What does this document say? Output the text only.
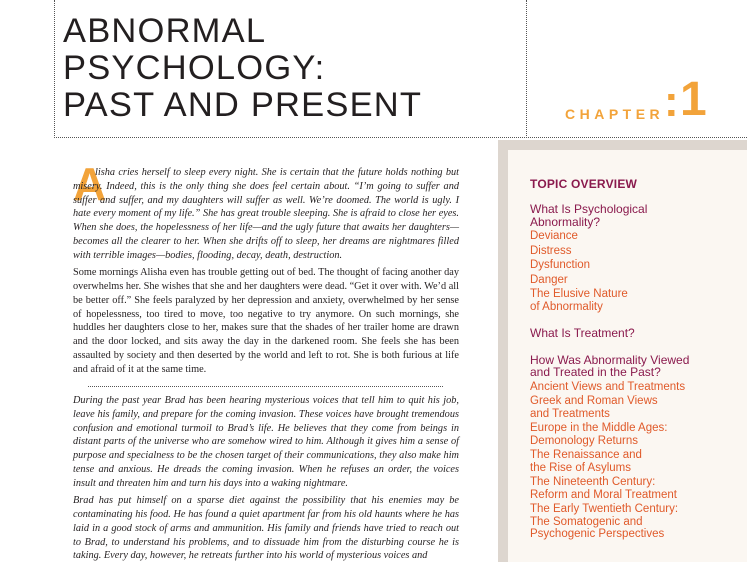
ABNORMAL
PSYCHOLOGY:
PAST AND PRESENT	CHAPTER : 1
A

lisha cries herself to sleep every night. She is certain that the future holds nothing but misery. Indeed, this is the only thing she does feel certain about. “I’m going to suffer and suffer and suffer, and my daughters will suffer as well. We’re doomed. The world is ugly. I hate every moment of my life.” She has great trouble sleeping. She is afraid to close her eyes. When she does, the hopelessness of her life—and the ugly future that awaits her daughters—becomes all the clearer to her. When she drifts off to sleep, her dreams are nightmares filled with terrible images—bodies, flooding, decay, death, destruction.

Some mornings Alisha even has trouble getting out of bed. The thought of facing another day overwhelms her. She wishes that she and her daughters were dead. “Get it over with. We’d all be better off.” She feels paralyzed by her depression and anxiety, overwhelmed by her sense of hopelessness, too tired to move, too negative to try anymore. On such mornings, she huddles her daughters close to her, makes sure that the shades of her trailer home are drawn and the door locked, and sits away the day in the darkened room. She feels she has been assaulted by society and then deserted by the world and left to rot. She is both furious at life and afraid of it at the same time.

During the past year Brad has been hearing mysterious voices that tell him to quit his job, leave his family, and prepare for the coming invasion. These voices have brought tremendous confusion and emotional turmoil to Brad’s life. He believes that they come from beings in distant parts of the universe who are somehow wired to him. Although it gives him a sense of purpose and specialness to be the chosen target of their communications, they also make him tense and anxious. He dreads the coming invasion. When he refuses an order, the voices insult and threaten him and turn his days into a waking nightmare.

Brad has put himself on a sparse diet against the possibility that his enemies may be contaminating his food. He has found a quiet apartment far from his old haunts where he has laid in a good stock of arms and ammunition. His family and friends have tried to reach out to Brad, to understand his problems, and to dissuade him from the disturbing course he is taking. Every day, however, he retreats further into his world of mysterious voices and

TOPIC OVERVIEW
What Is Psychological
Abnormality?
Deviance
Distress
Dysfunction
Danger
The Elusive Nature
of Abnormality
What Is Treatment?
How Was Abnormality Viewed
and Treated in the Past?
Ancient Views and Treatments
Greek and Roman Views
and Treatments
Europe in the Middle Ages:
Demonology Returns
The Renaissance and
the Rise of Asylums
The Nineteenth Century:
Reform and Moral Treatment
The Early Twentieth Century:
The Somatogenic and
Psychogenic Perspectives
